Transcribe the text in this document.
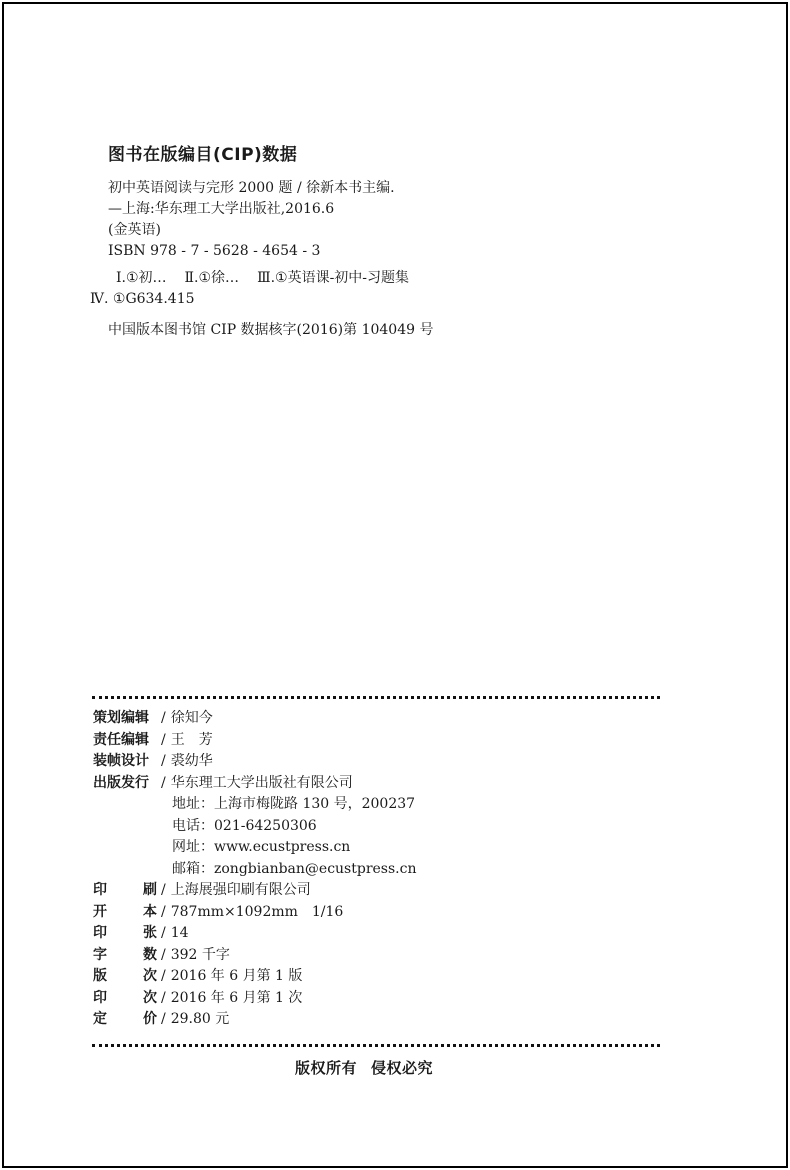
图书在版编目(CIP)数据
初中英语阅读与完形 2000 题 / 徐新本书主编.
—上海:华东理工大学出版社,2016.6
(金英语)
ISBN 978 - 7 - 5628 - 4654 - 3
Ⅰ.①初… Ⅱ.①徐… Ⅲ.①英语课-初中-习题集
Ⅳ. ①G634.415
中国版本图书馆 CIP 数据核字(2016)第 104049 号
策划编辑 / 徐知今
责任编辑 / 王　芳
装帧设计 / 裘幼华
出版发行 / 华东理工大学出版社有限公司
地址：上海市梅陇路 130 号，200237
电话：021-64250306
网址：www.ecustpress.cn
邮箱：zongbianban@ecustpress.cn
印	刷 / 上海展强印刷有限公司
开	本 / 787mm×1092mm　1/16
印	张 / 14
字	数 / 392 千字
版	次 / 2016 年 6 月第 1 版
印	次 / 2016 年 6 月第 1 次
定	价 / 29.80 元
版权所有 侵权必究
